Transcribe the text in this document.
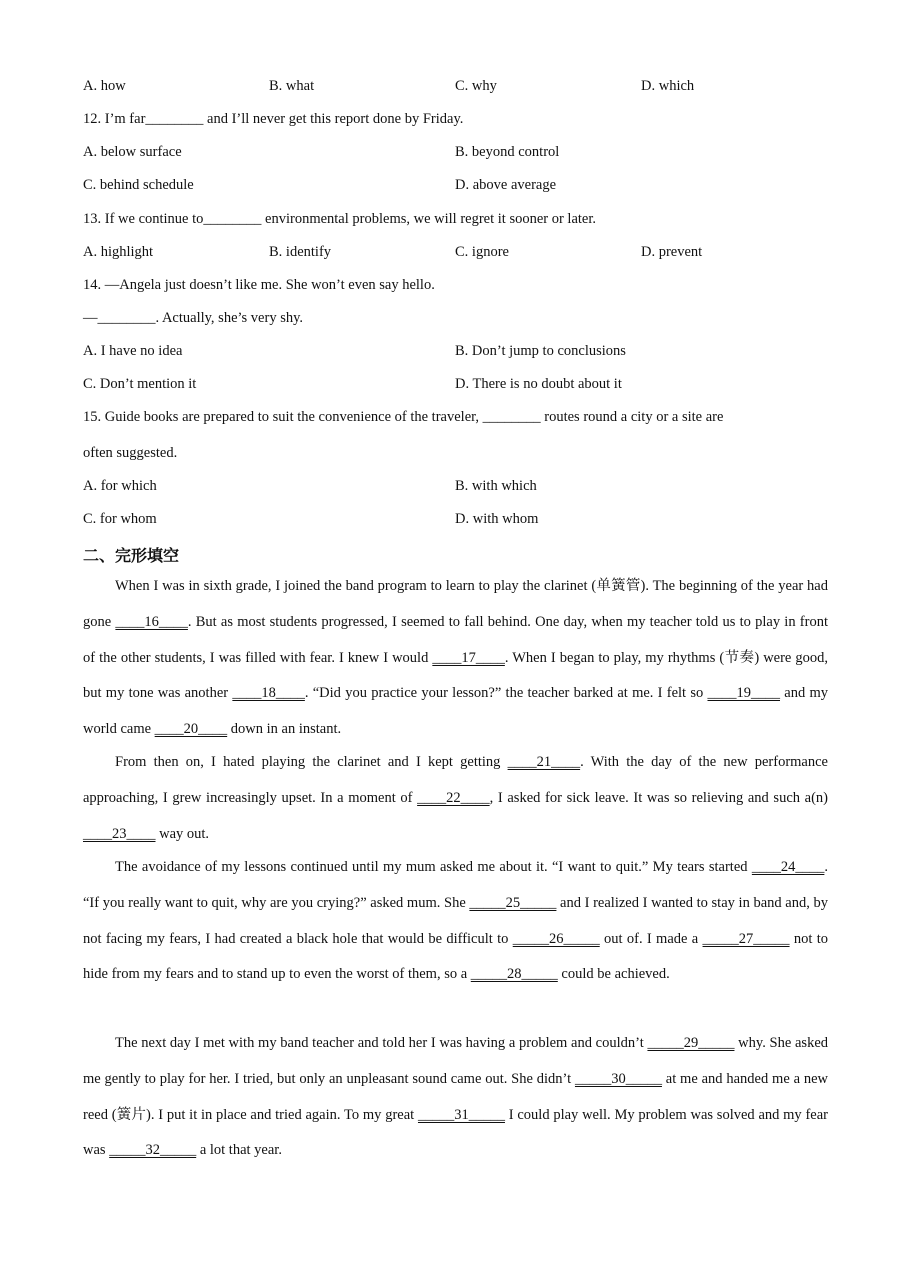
A. how	B. what	C. why	D. which
12. I’m far________ and I’ll never get this report done by Friday.
A. below surface	B. beyond control
C. behind schedule	D. above average
13. If we continue to________ environmental problems, we will regret it sooner or later.
A. highlight	B. identify	C. ignore	D. prevent
14. —Angela just doesn’t like me. She won’t even say hello.
—________. Actually, she’s very shy.
A. I have no idea	B. Don’t jump to conclusions
C. Don’t mention it	D. There is no doubt about it
15. Guide books are prepared to suit the convenience of the traveler, ________ routes round a city or a site are
often suggested.
A. for which	B. with which
C. for whom	D. with whom
二、完形填空
When I was in sixth grade, I joined the band program to learn to play the clarinet (单簧管). The beginning of the year had gone ____16____. But as most students progressed, I seemed to fall behind. One day, when my teacher told us to play in front of the other students, I was filled with fear. I knew I would ____17____. When I began to play, my rhythms (节奏) were good, but my tone was another ____18____. “Did you practice your lesson?” the teacher barked at me. I felt so ____19____ and my world came ____20____ down in an instant.
From then on, I hated playing the clarinet and I kept getting ____21____. With the day of the new performance approaching, I grew increasingly upset. In a moment of ____22____, I asked for sick leave. It was so relieving and such a(n) ____23____ way out.
The avoidance of my lessons continued until my mum asked me about it. “I want to quit.” My tears started ____24____. “If you really want to quit, why are you crying?” asked mum. She _____25_____ and I realized I wanted to stay in band and, by not facing my fears, I had created a black hole that would be difficult to _____26_____ out of. I made a _____27_____ not to hide from my fears and to stand up to even the worst of them, so a _____28_____ could be achieved.
The next day I met with my band teacher and told her I was having a problem and couldn’t _____29_____ why. She asked me gently to play for her. I tried, but only an unpleasant sound came out. She didn’t _____30_____ at me and handed me a new reed (簧片). I put it in place and tried again. To my great _____31_____ I could play well. My problem was solved and my fear was _____32_____ a lot that year.
